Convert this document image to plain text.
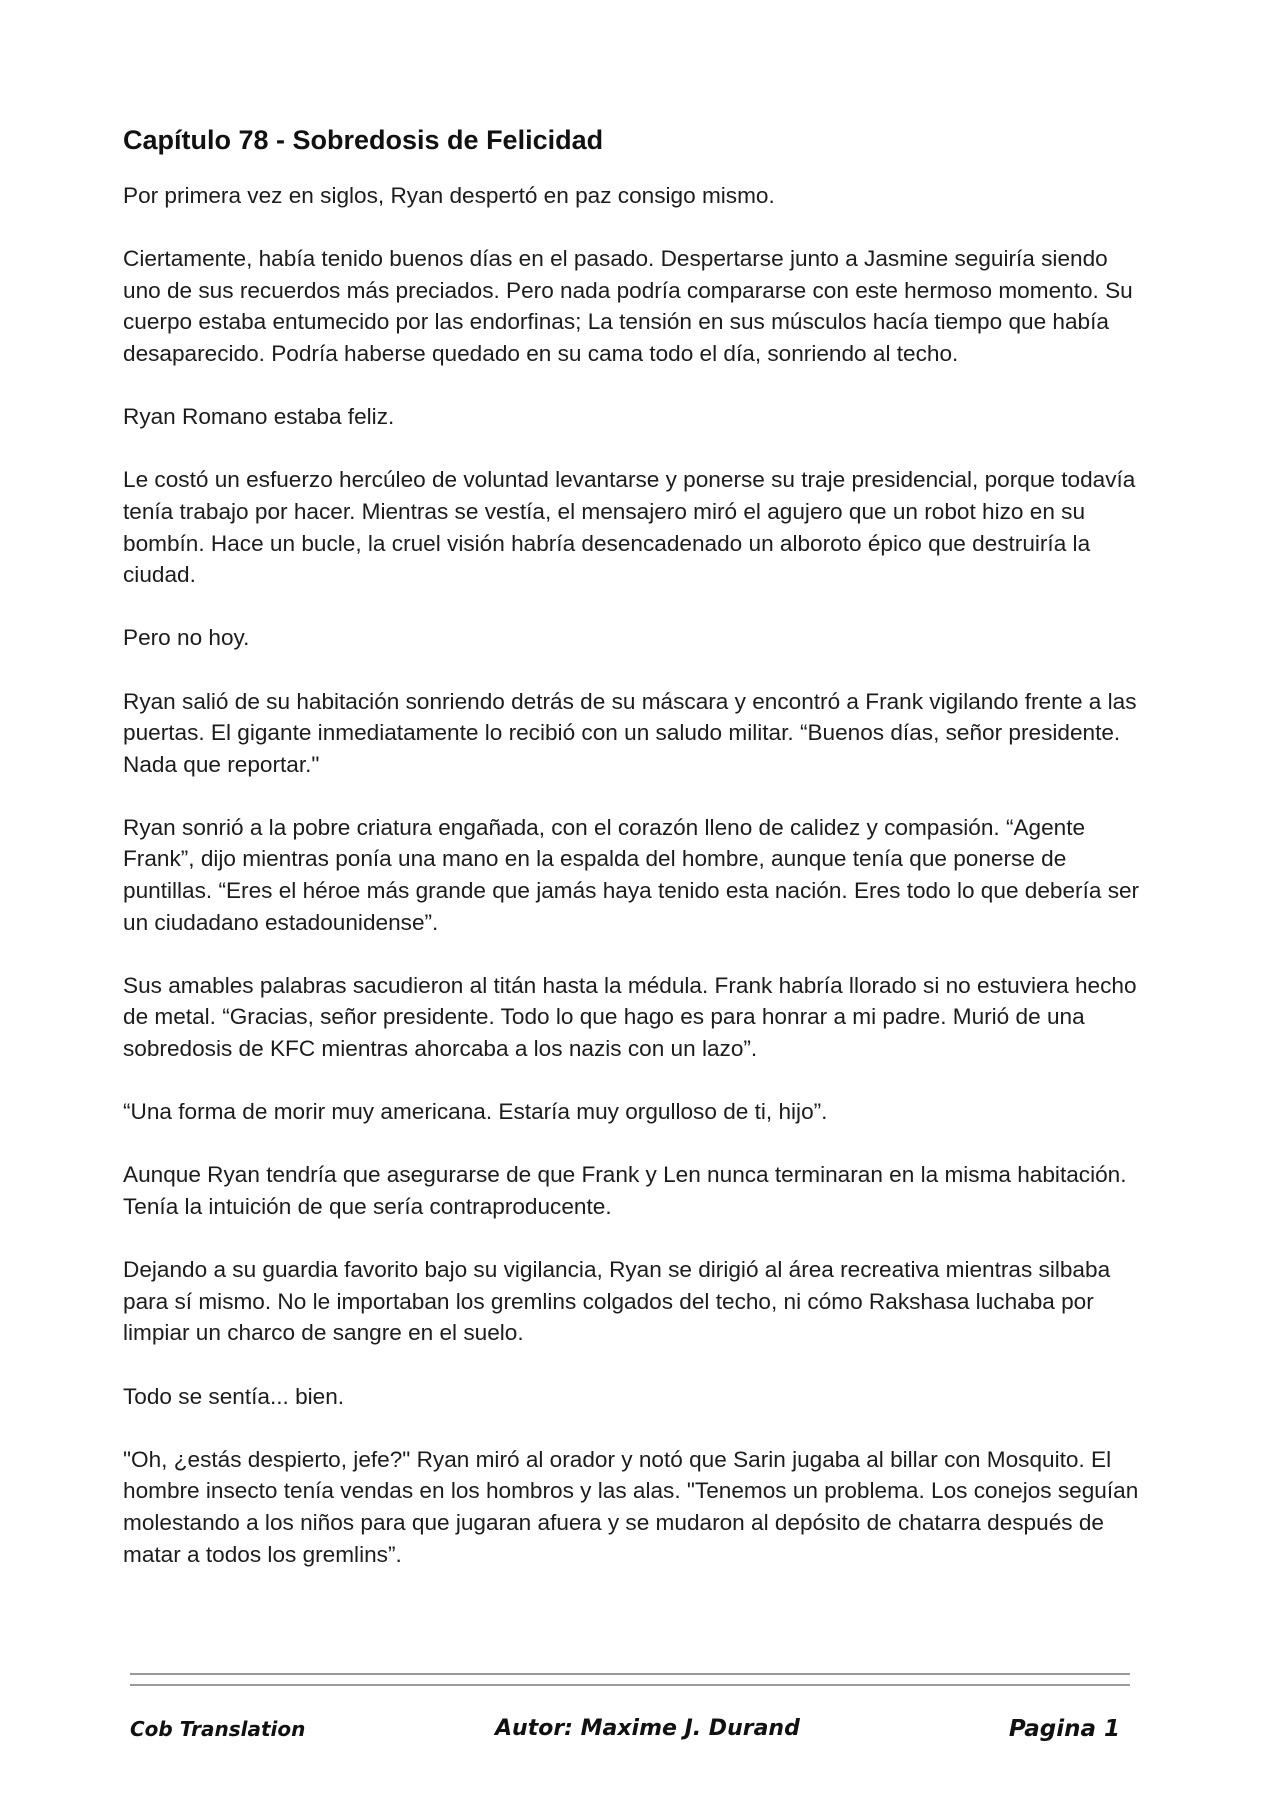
Capítulo 78 - Sobredosis de Felicidad

Por primera vez en siglos, Ryan despertó en paz consigo mismo.

Ciertamente, había tenido buenos días en el pasado. Despertarse junto a Jasmine seguiría siendo uno de sus recuerdos más preciados. Pero nada podría compararse con este hermoso momento. Su cuerpo estaba entumecido por las endorfinas; La tensión en sus músculos hacía tiempo que había desaparecido. Podría haberse quedado en su cama todo el día, sonriendo al techo.

Ryan Romano estaba feliz.

Le costó un esfuerzo hercúleo de voluntad levantarse y ponerse su traje presidencial, porque todavía tenía trabajo por hacer. Mientras se vestía, el mensajero miró el agujero que un robot hizo en su bombín. Hace un bucle, la cruel visión habría desencadenado un alboroto épico que destruiría la ciudad.

Pero no hoy.

Ryan salió de su habitación sonriendo detrás de su máscara y encontró a Frank vigilando frente a las puertas. El gigante inmediatamente lo recibió con un saludo militar. “Buenos días, señor presidente. Nada que reportar."

Ryan sonrió a la pobre criatura engañada, con el corazón lleno de calidez y compasión. “Agente Frank”, dijo mientras ponía una mano en la espalda del hombre, aunque tenía que ponerse de puntillas. “Eres el héroe más grande que jamás haya tenido esta nación. Eres todo lo que debería ser un ciudadano estadounidense”.

Sus amables palabras sacudieron al titán hasta la médula. Frank habría llorado si no estuviera hecho de metal. “Gracias, señor presidente. Todo lo que hago es para honrar a mi padre. Murió de una sobredosis de KFC mientras ahorcaba a los nazis con un lazo”.

“Una forma de morir muy americana. Estaría muy orgulloso de ti, hijo”.

Aunque Ryan tendría que asegurarse de que Frank y Len nunca terminaran en la misma habitación. Tenía la intuición de que sería contraproducente.

Dejando a su guardia favorito bajo su vigilancia, Ryan se dirigió al área recreativa mientras silbaba para sí mismo. No le importaban los gremlins colgados del techo, ni cómo Rakshasa luchaba por limpiar un charco de sangre en el suelo.

Todo se sentía... bien.

"Oh, ¿estás despierto, jefe?" Ryan miró al orador y notó que Sarin jugaba al billar con Mosquito. El hombre insecto tenía vendas en los hombros y las alas. "Tenemos un problema. Los conejos seguían molestando a los niños para que jugaran afuera y se mudaron al depósito de chatarra después de matar a todos los gremlins”.

Cob Translation	Autor: Maxime J. Durand	Pagina 1
